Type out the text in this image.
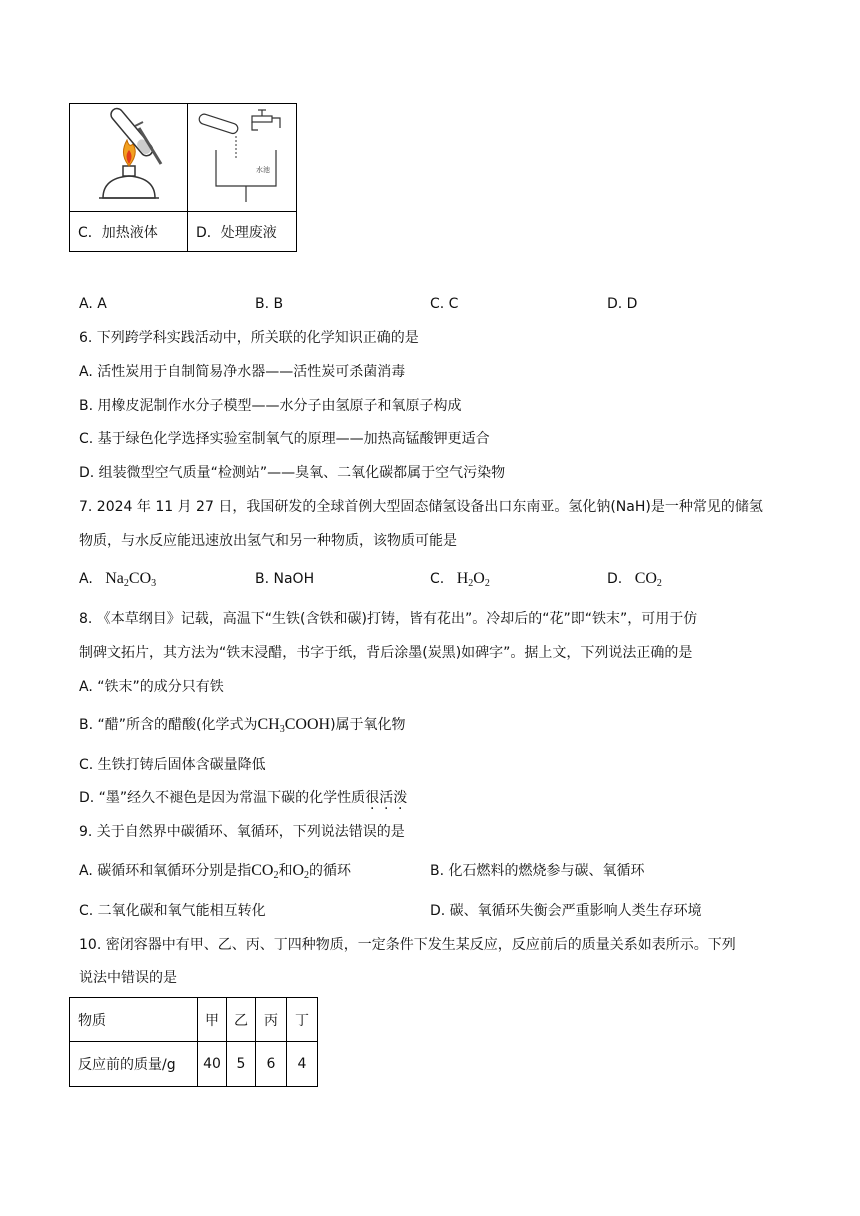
水池

C．加热液体	D．处理废液
A. A	B. B	C. C	D. D
6. 下列跨学科实践活动中，所关联的化学知识正确的是
A. 活性炭用于自制简易净水器——活性炭可杀菌消毒
B. 用橡皮泥制作水分子模型——水分子由氢原子和氧原子构成
C. 基于绿色化学选择实验室制氧气的原理——加热高锰酸钾更适合
D. 组装微型空气质量“检测站”——臭氧、二氧化碳都属于空气污染物
7. 2024 年 11 月 27 日，我国研发的全球首例大型固态储氢设备出口东南亚。氢化钠(NaH)是一种常见的储氢
物质，与水反应能迅速放出氢气和另一种物质，该物质可能是
A. $Na_2CO_3$	B. NaOH	C. $H_2O_2$	D. $CO_2$
8. 《本草纲目》记载，高温下“生铁(含铁和碳)打铸，皆有花出”。冷却后的“花”即“铁末”，可用于仿
制碑文拓片，其方法为“铁末浸醋，书字于纸，背后涂墨(炭黑)如碑字”。据上文，下列说法正确的是
A. “铁末”的成分只有铁
B. “醋”所含的醋酸(化学式为$CH_3COOH$)属于氧化物
C. 生铁打铸后固体含碳量降低
D. “墨”经久不褪色是因为常温下碳的化学性质很活泼
9. 关于自然界中碳循环、氧循环，下列说法错误的是
A. 碳循环和氧循环分别是指$CO_2$和$O_2$的循环	B. 化石燃料的燃烧参与碳、氧循环
C. 二氧化碳和氧气能相互转化	D. 碳、氧循环失衡会严重影响人类生存环境
10. 密闭容器中有甲、乙、丙、丁四种物质，一定条件下发生某反应，反应前后的质量关系如表所示。下列
说法中错误的是
物质	甲	乙	丙	丁
反应前的质量/g	40	5	6	4
